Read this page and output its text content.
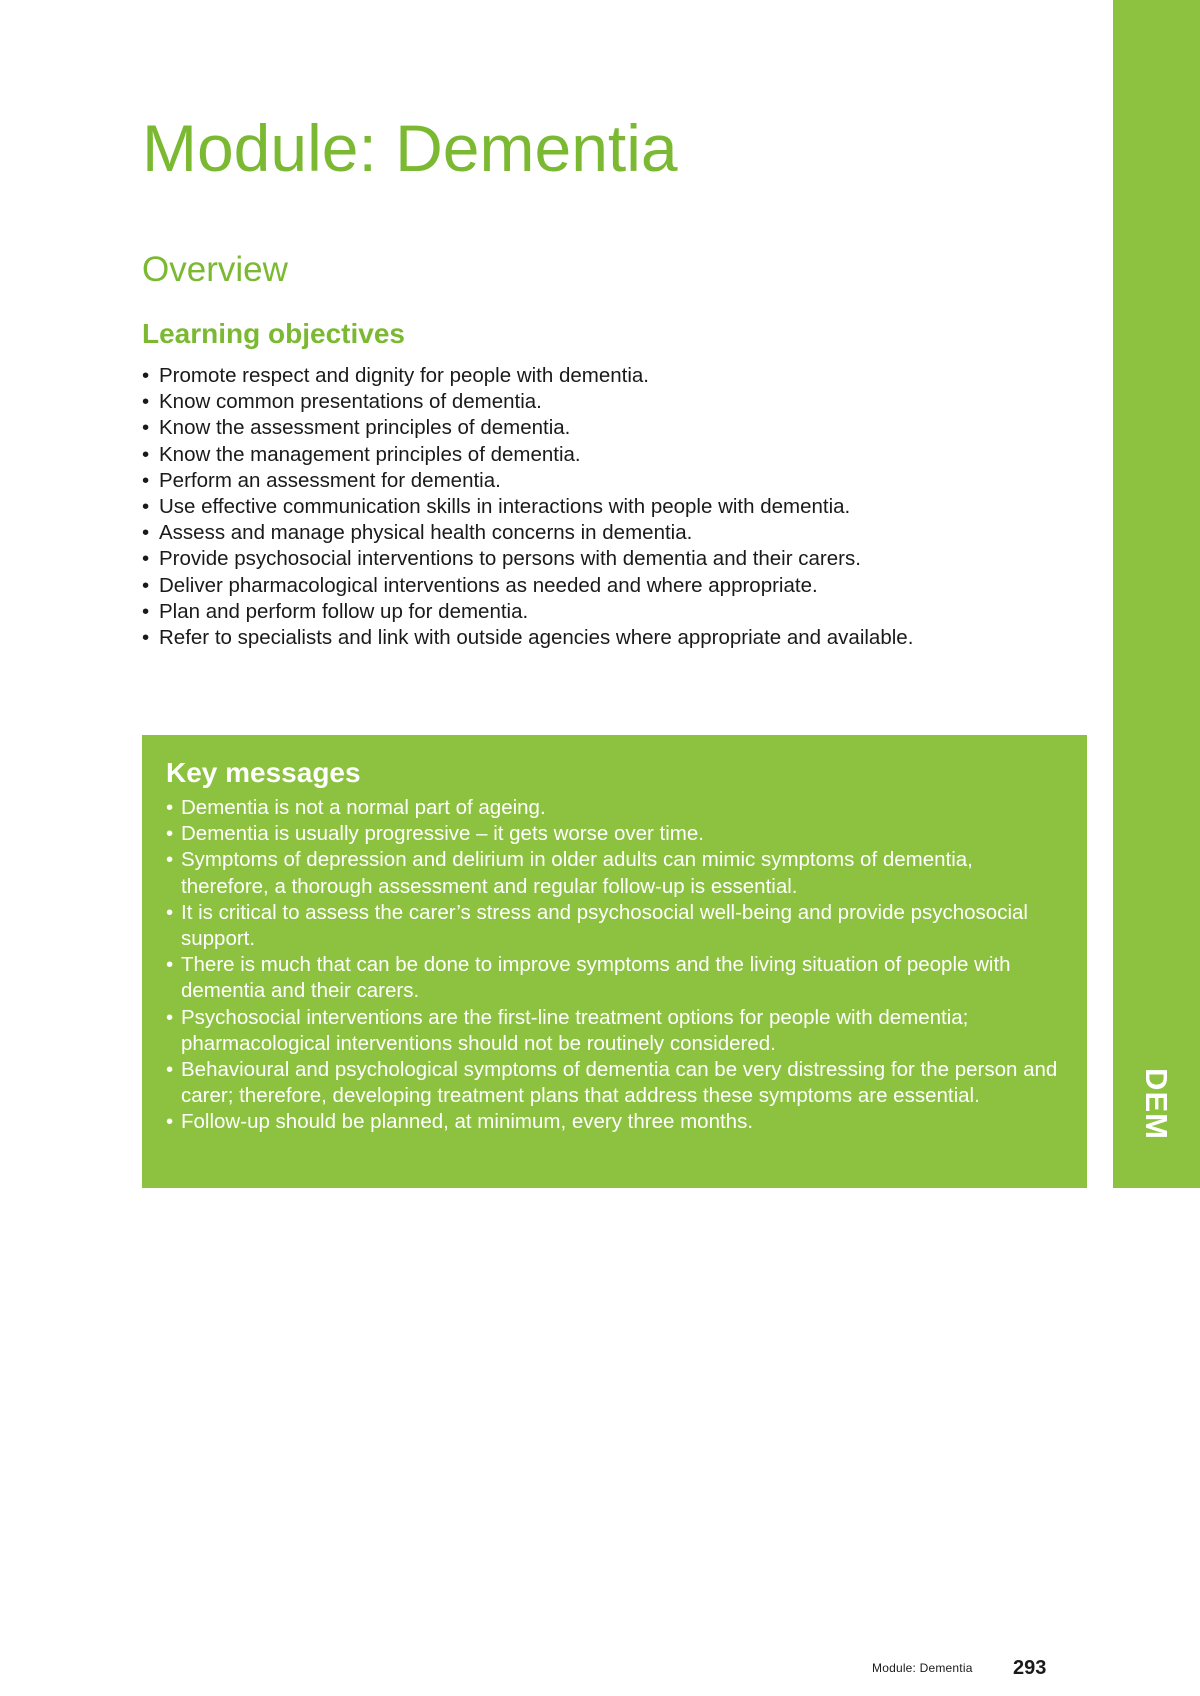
DEM
Module: Dementia
Overview
Learning objectives
• Promote respect and dignity for people with dementia.
• Know common presentations of dementia.
• Know the assessment principles of dementia.
• Know the management principles of dementia.
• Perform an assessment for dementia.
• Use effective communication skills in interactions with people with dementia.
• Assess and manage physical health concerns in dementia.
• Provide psychosocial interventions to persons with dementia and their carers.
• Deliver pharmacological interventions as needed and where appropriate.
• Plan and perform follow up for dementia.
• Refer to specialists and link with outside agencies where appropriate and available.
Key messages
• Dementia is not a normal part of ageing.
• Dementia is usually progressive – it gets worse over time.
• Symptoms of depression and delirium in older adults can mimic symptoms of dementia, therefore, a thorough assessment and regular follow-up is essential.
• It is critical to assess the carer’s stress and psychosocial well-being and provide psychosocial support.
• There is much that can be done to improve symptoms and the living situation of people with dementia and their carers.
• Psychosocial interventions are the first-line treatment options for people with dementia; pharmacological interventions should not be routinely considered.
• Behavioural and psychological symptoms of dementia can be very distressing for the person and carer; therefore, developing treatment plans that address these symptoms are essential.
• Follow-up should be planned, at minimum, every three months.
Module: Dementia 293
